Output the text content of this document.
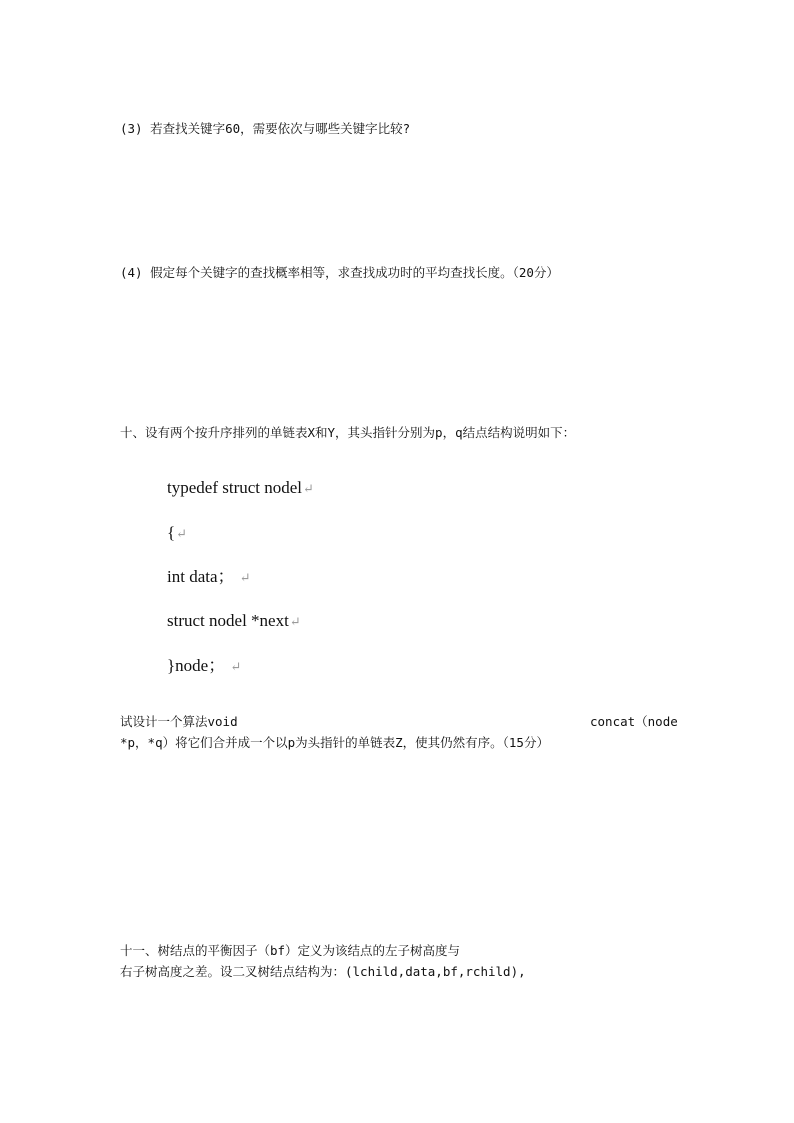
(3) 若查找关键字60，需要依次与哪些关键字比较?
(4) 假定每个关键字的查找概率相等，求查找成功时的平均查找长度。（20分）
十、设有两个按升序排列的单链表X和Y，其头指针分别为p，q结点结构说明如下：
typedef struct nodel↵
{↵
int data； ↵
struct nodel *next↵
}node； ↵
试设计一个算法void	concat（node
*p，*q）将它们合并成一个以p为头指针的单链表Z，使其仍然有序。（15分）
十一、树结点的平衡因子（bf）定义为该结点的左子树高度与
右子树高度之差。设二叉树结点结构为：(lchild,data,bf,rchild),
